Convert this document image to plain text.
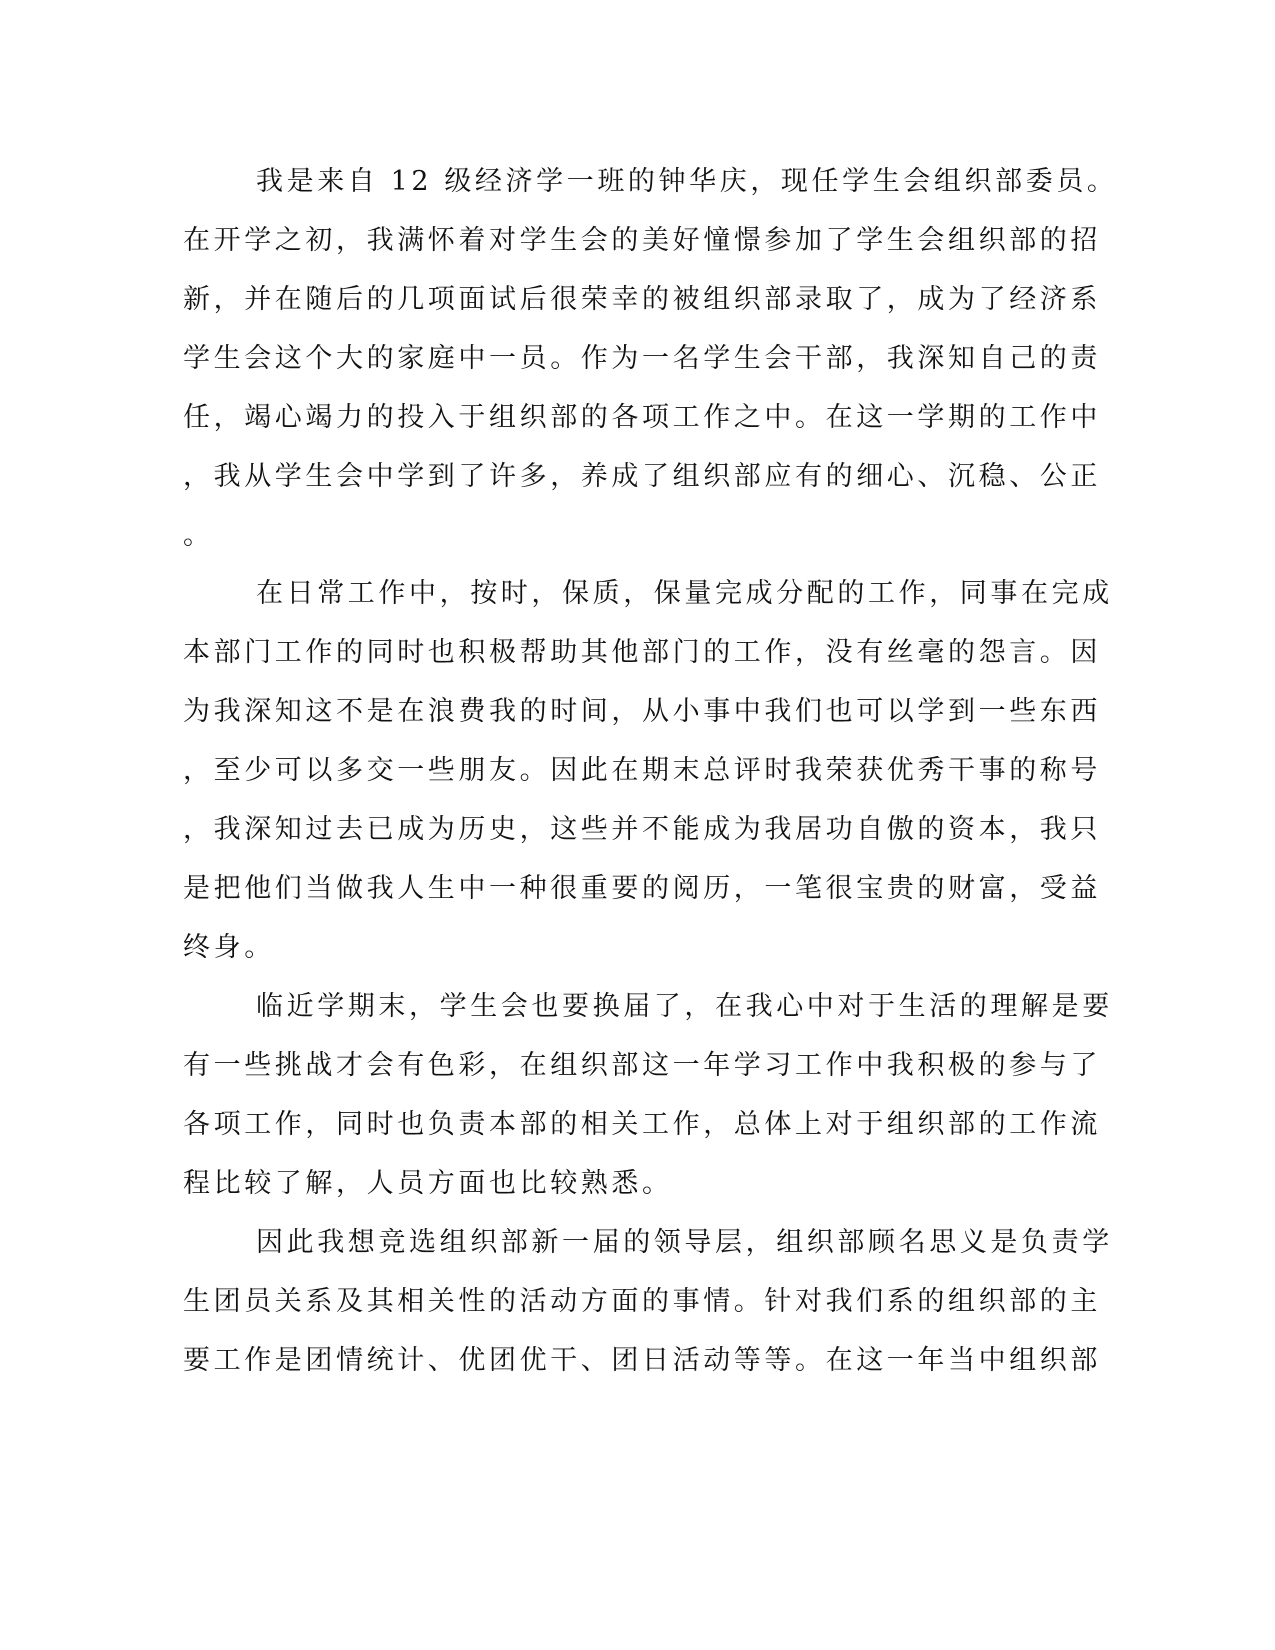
我是来自 12 级经济学一班的钟华庆，现任学生会组织部委员。
在开学之初，我满怀着对学生会的美好憧憬参加了学生会组织部的招
新，并在随后的几项面试后很荣幸的被组织部录取了，成为了经济系
学生会这个大的家庭中一员。作为一名学生会干部，我深知自己的责
任，竭心竭力的投入于组织部的各项工作之中。在这一学期的工作中
，我从学生会中学到了许多，养成了组织部应有的细心、沉稳、公正
。
在日常工作中，按时，保质，保量完成分配的工作，同事在完成
本部门工作的同时也积极帮助其他部门的工作，没有丝毫的怨言。因
为我深知这不是在浪费我的时间，从小事中我们也可以学到一些东西
，至少可以多交一些朋友。因此在期末总评时我荣获优秀干事的称号
，我深知过去已成为历史，这些并不能成为我居功自傲的资本，我只
是把他们当做我人生中一种很重要的阅历，一笔很宝贵的财富，受益
终身。
临近学期末，学生会也要换届了，在我心中对于生活的理解是要
有一些挑战才会有色彩，在组织部这一年学习工作中我积极的参与了
各项工作，同时也负责本部的相关工作，总体上对于组织部的工作流
程比较了解，人员方面也比较熟悉。
因此我想竞选组织部新一届的领导层，组织部顾名思义是负责学
生团员关系及其相关性的活动方面的事情。针对我们系的组织部的主
要工作是团情统计、优团优干、团日活动等等。在这一年当中组织部
